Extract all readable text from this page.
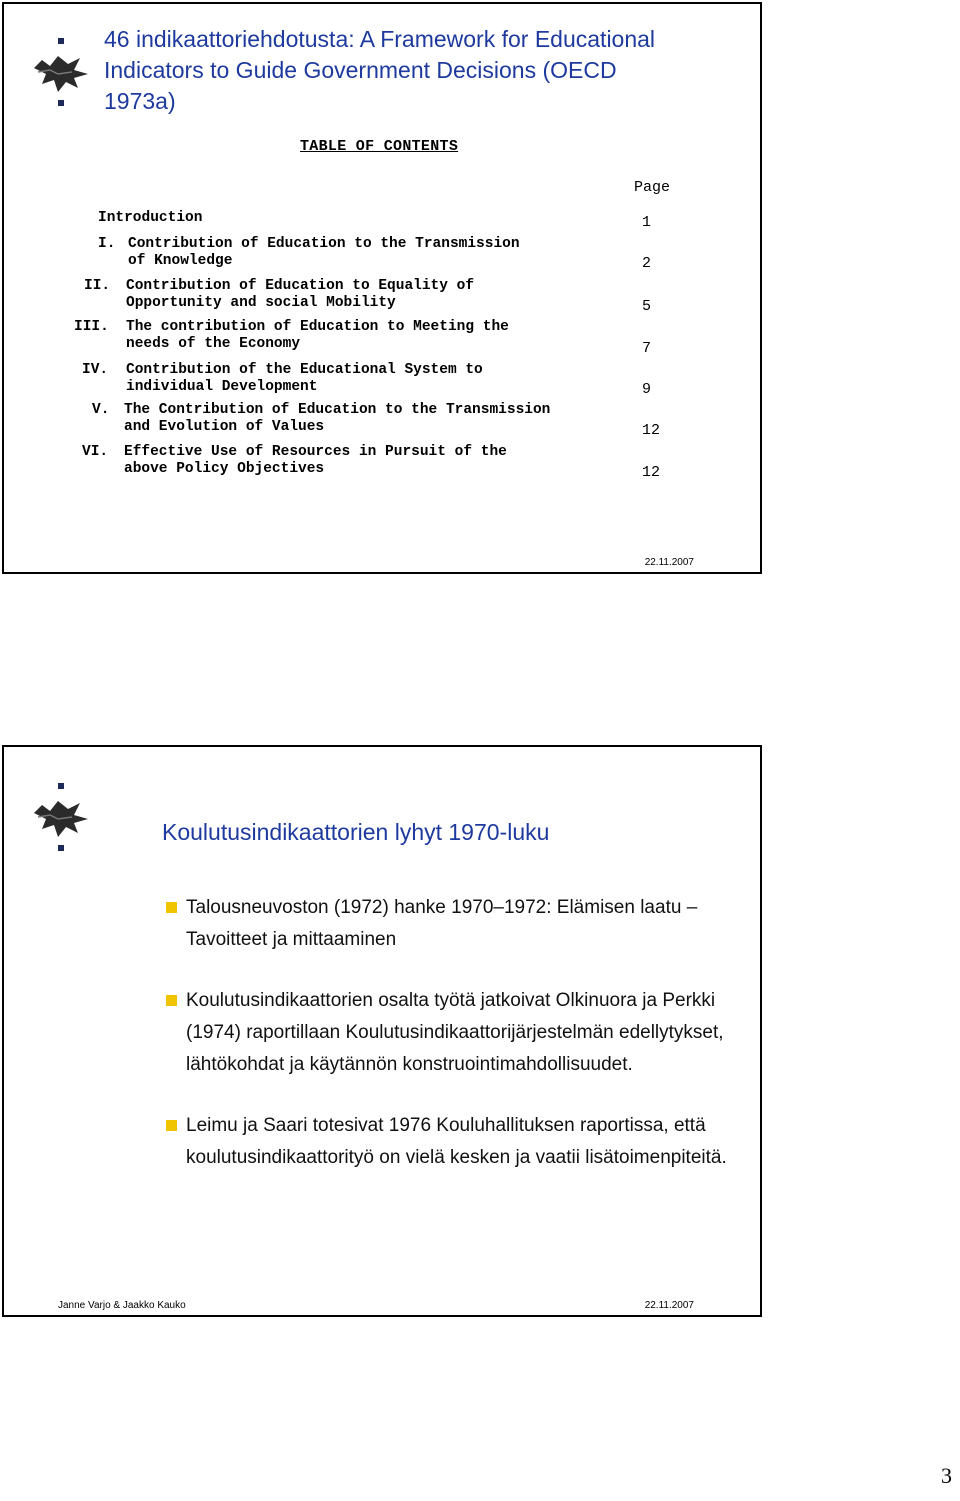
46 indikaattoriehdotusta: A Framework for Educational Indicators to Guide Government Decisions (OECD 1973a)
TABLE OF CONTENTS
Page
Introduction	1
I. Contribution of Education to the Transmission
of Knowledge	2
II. Contribution of Education to Equality of
Opportunity and social Mobility	5
III. The contribution of Education to Meeting the
needs of the Economy	7
IV. Contribution of the Educational System to
individual Development	9
V. The Contribution of Education to the Transmission
and Evolution of Values	12
VI. Effective Use of Resources in Pursuit of the
above Policy Objectives	12
22.11.2007
Koulutusindikaattorien lyhyt 1970-luku
Talousneuvoston (1972) hanke 1970–1972: Elämisen laatu – Tavoitteet ja mittaaminen
Koulutusindikaattorien osalta työtä jatkoivat Olkinuora ja Perkki (1974) raportillaan Koulutusindikaattorijärjestelmän edellytykset, lähtökohdat ja käytännön konstruointimahdollisuudet.
Leimu ja Saari totesivat 1976 Kouluhallituksen raportissa, että koulutusindikaattorityö on vielä kesken ja vaatii lisätoimenpiteitä.
Janne Varjo & Jaakko Kauko	22.11.2007
3
